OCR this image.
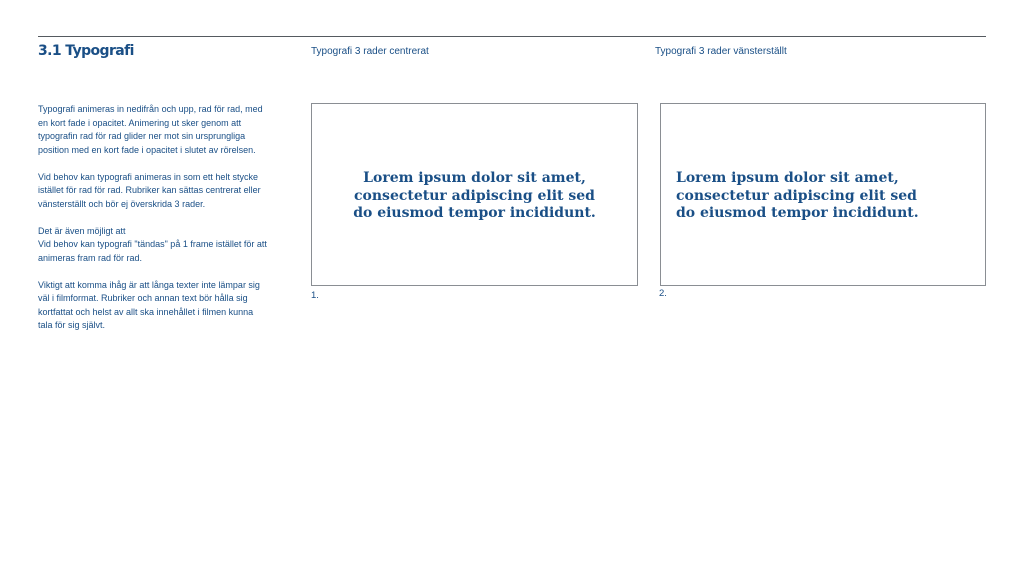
3.1 Typografi	Typografi 3 rader centrerat	Typografi 3 rader vänsterställt

Typografi animeras in nedifrån och upp, rad för rad, med en kort fade i opacitet. Animering ut sker genom att typografin rad för rad glider ner mot sin ursprungliga position med en kort fade i opacitet i slutet av rörelsen.

Vid behov kan typografi animeras in som ett helt stycke istället för rad för rad. Rubriker kan sättas centrerat eller vänsterställt och bör ej överskrida 3 rader.

Det är även möjligt att

Vid behov kan typografi "tändas" på 1 frame istället för att animeras fram rad för rad.

Viktigt att komma ihåg är att långa texter inte lämpar sig väl i filmformat. Rubriker och annan text bör hålla sig kortfattat och helst av allt ska innehållet i filmen kunna tala för sig självt.

Lorem ipsum dolor sit amet,
consectetur adipiscing elit sed
do eiusmod tempor incididunt.
1.
Lorem ipsum dolor sit amet,
consectetur adipiscing elit sed
do eiusmod tempor incididunt.
2.
